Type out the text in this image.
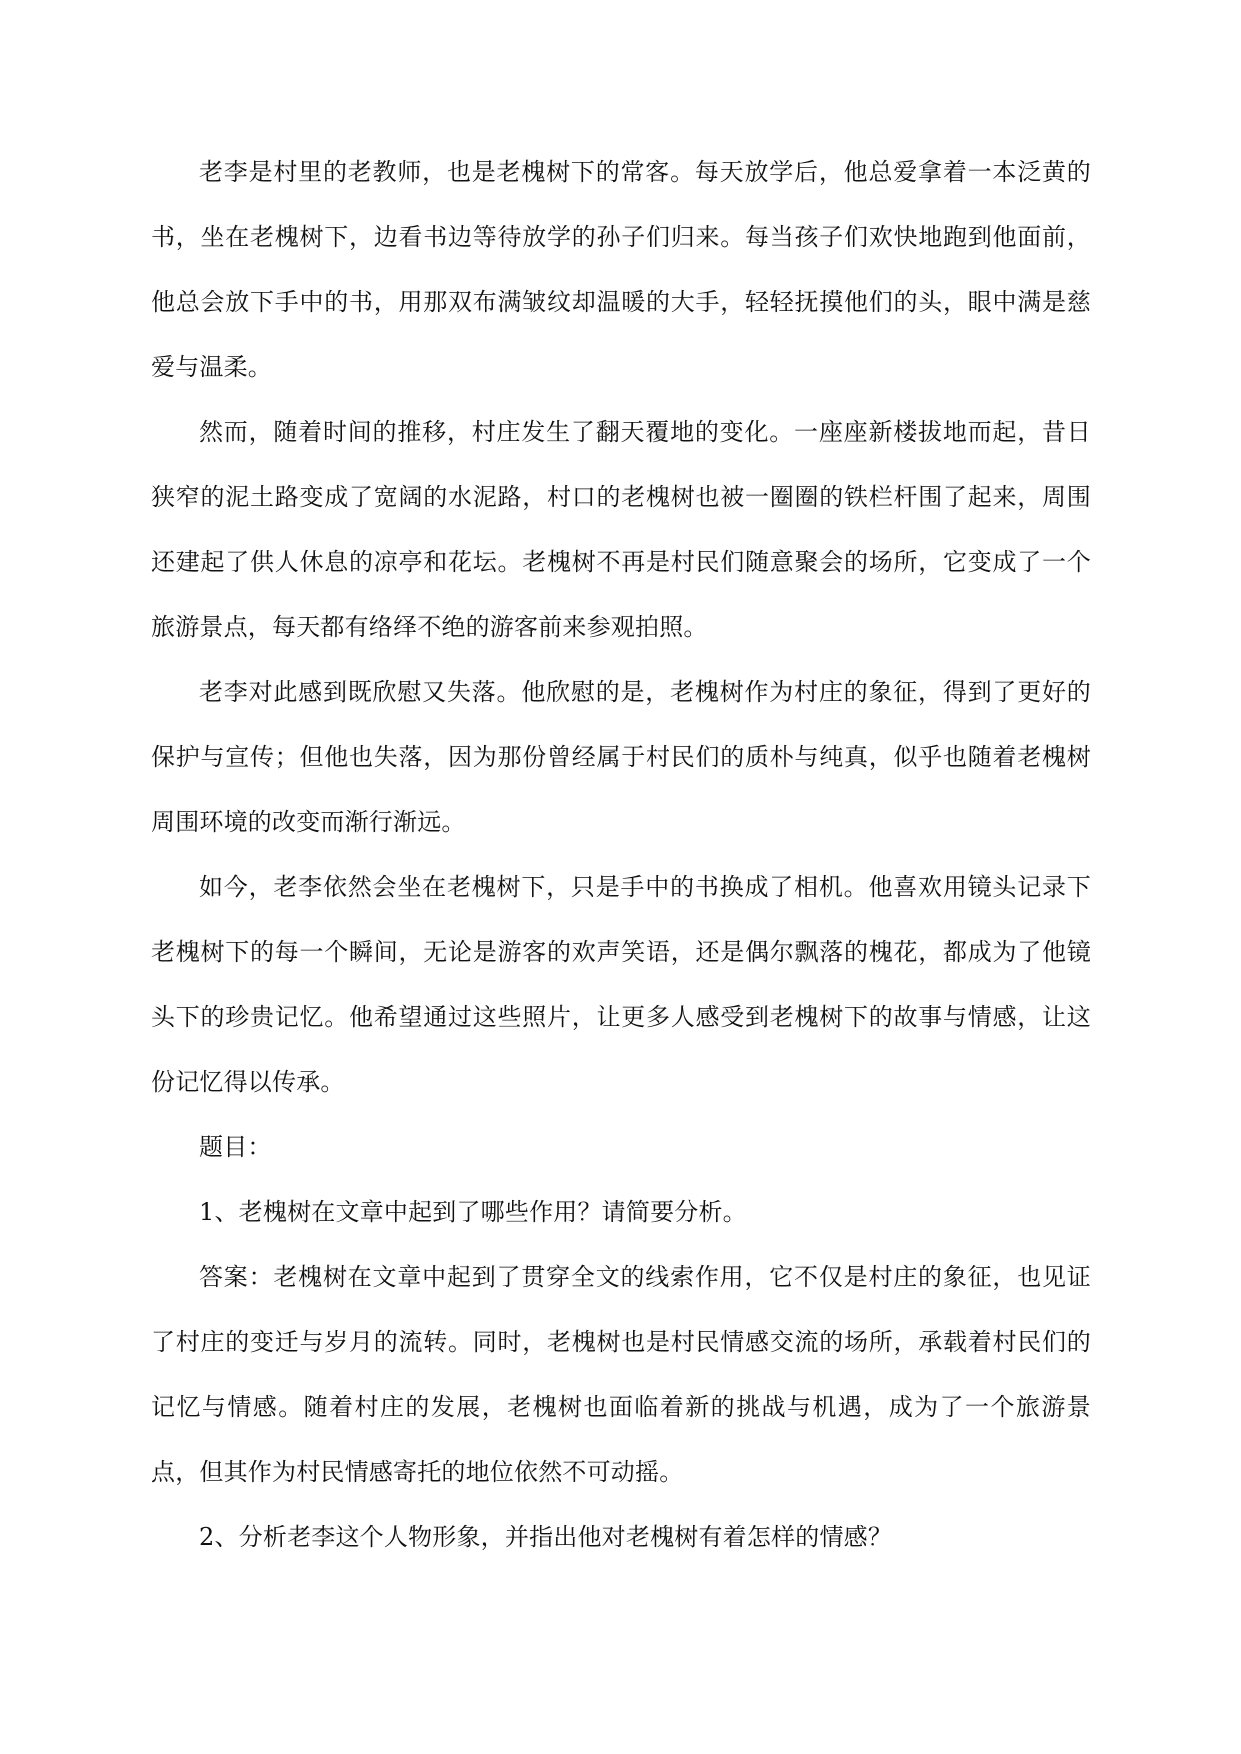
老李是村里的老教师，也是老槐树下的常客。每天放学后，他总爱拿着一本泛黄的书，坐在老槐树下，边看书边等待放学的孙子们归来。每当孩子们欢快地跑到他面前，他总会放下手中的书，用那双布满皱纹却温暖的大手，轻轻抚摸他们的头，眼中满是慈爱与温柔。

然而，随着时间的推移，村庄发生了翻天覆地的变化。一座座新楼拔地而起，昔日狭窄的泥土路变成了宽阔的水泥路，村口的老槐树也被一圈圈的铁栏杆围了起来，周围还建起了供人休息的凉亭和花坛。老槐树不再是村民们随意聚会的场所，它变成了一个旅游景点，每天都有络绎不绝的游客前来参观拍照。

老李对此感到既欣慰又失落。他欣慰的是，老槐树作为村庄的象征，得到了更好的保护与宣传；但他也失落，因为那份曾经属于村民们的质朴与纯真，似乎也随着老槐树周围环境的改变而渐行渐远。

如今，老李依然会坐在老槐树下，只是手中的书换成了相机。他喜欢用镜头记录下老槐树下的每一个瞬间，无论是游客的欢声笑语，还是偶尔飘落的槐花，都成为了他镜头下的珍贵记忆。他希望通过这些照片，让更多人感受到老槐树下的故事与情感，让这份记忆得以传承。

题目：

1、老槐树在文章中起到了哪些作用？请简要分析。

答案：老槐树在文章中起到了贯穿全文的线索作用，它不仅是村庄的象征，也见证了村庄的变迁与岁月的流转。同时，老槐树也是村民情感交流的场所，承载着村民们的记忆与情感。随着村庄的发展，老槐树也面临着新的挑战与机遇，成为了一个旅游景点，但其作为村民情感寄托的地位依然不可动摇。

2、分析老李这个人物形象，并指出他对老槐树有着怎样的情感？
